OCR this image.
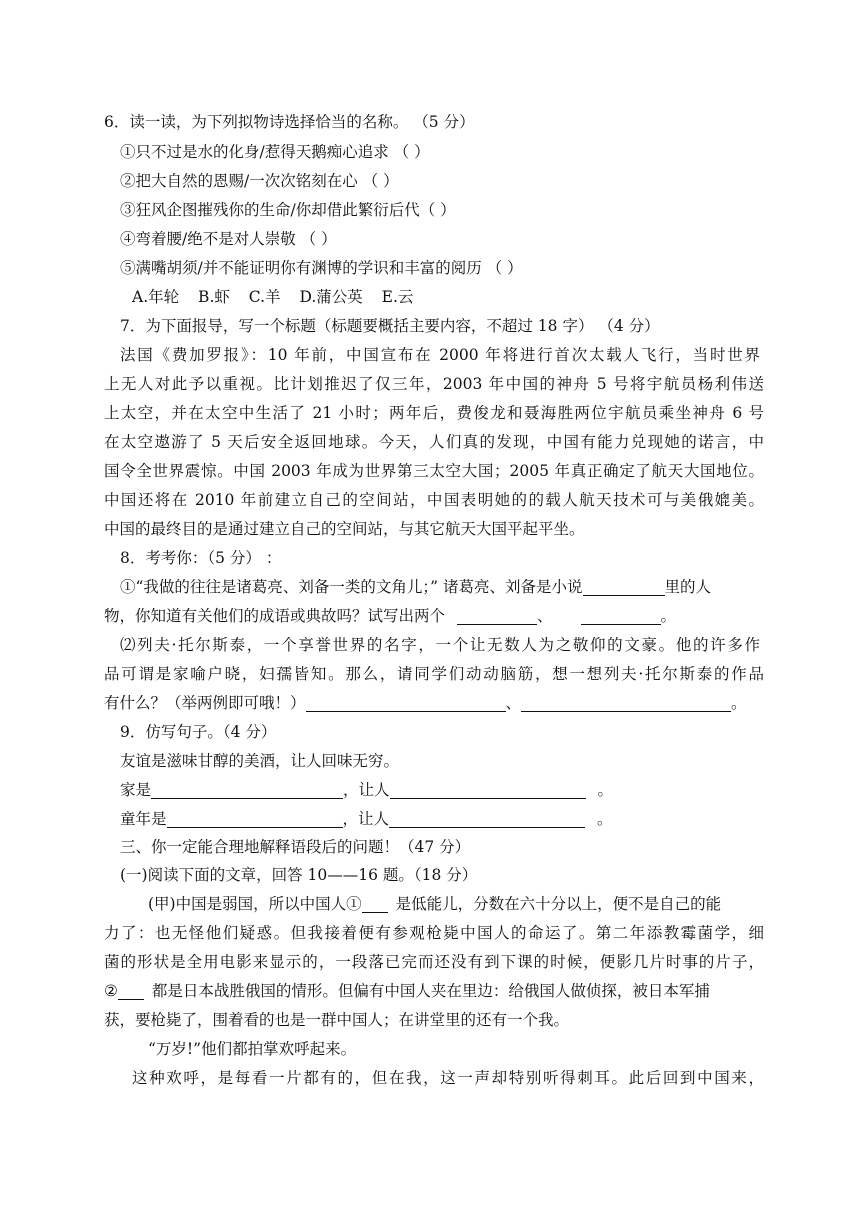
6．读一读，为下列拟物诗选择恰当的名称。 （5 分）
①只不过是水的化身/惹得天鹅痴心追求 （ ）
②把大自然的恩赐/一次次铭刻在心 （ ）
③狂风企图摧残你的生命/你却借此繁衍后代（ ）
④弯着腰/绝不是对人崇敬 （ ）
⑤满嘴胡须/并不能证明你有渊博的学识和丰富的阅历 （ ）
A.年轮 B.虾 C.羊 D.蒲公英 E.云
7．为下面报导，写一个标题（标题要概括主要内容，不超过 18 字） （4 分）
法国《费加罗报》：10 年前，中国宣布在 2000 年将进行首次太载人飞行，当时世界
上无人对此予以重视。比计划推迟了仅三年，2003 年中国的神舟 5 号将宇航员杨利伟送
上太空，并在太空中生活了 21 小时；两年后，费俊龙和聂海胜两位宇航员乘坐神舟 6 号
在太空遨游了 5 天后安全返回地球。今天，人们真的发现，中国有能力兑现她的诺言，中
国令全世界震惊。中国 2003 年成为世界第三太空大国；2005 年真正确定了航天大国地位。
中国还将在 2010 年前建立自己的空间站，中国表明她的的载人航天技术可与美俄媲美。
中国的最终目的是通过建立自己的空间站，与其它航天大国平起平坐。
8．考考你：（5 分） ：
①“我做的往往是诸葛亮、刘备一类的文角儿；” 诸葛亮、刘备是小说	里的人
物，你知道有关他们的成语或典故吗？试写出两个	、	。
⑵列夫·托尔斯泰，一个享誉世界的名字，一个让无数人为之敬仰的文豪。他的许多作
品可谓是家喻户晓，妇孺皆知。那么，请同学们动动脑筋，想一想列夫·托尔斯泰的作品
有什么？（举两例即可哦！）	、	。
9．仿写句子。（4 分）
友谊是滋味甘醇的美酒，让人回味无穷。
家是	，让人	。
童年是	，让人	。
三、你一定能合理地解释语段后的问题！（47 分）
(一)阅读下面的文章，回答 10——16 题。（18 分）
(甲)中国是弱国，所以中国人① 是低能儿，分数在六十分以上，便不是自己的能
力了：也无怪他们疑惑。但我接着便有参观枪毙中国人的命运了。第二年添教霉菌学，细
菌的形状是全用电影来显示的，一段落已完而还没有到下课的时候，便影几片时事的片子，
② 都是日本战胜俄国的情形。但偏有中国人夹在里边：给俄国人做侦探，被日本军捕
获，要枪毙了，围着看的也是一群中国人；在讲堂里的还有一个我。
“万岁!”他们都拍掌欢呼起来。
这种欢呼，是每看一片都有的，但在我，这一声却特别听得刺耳。此后回到中国来，
